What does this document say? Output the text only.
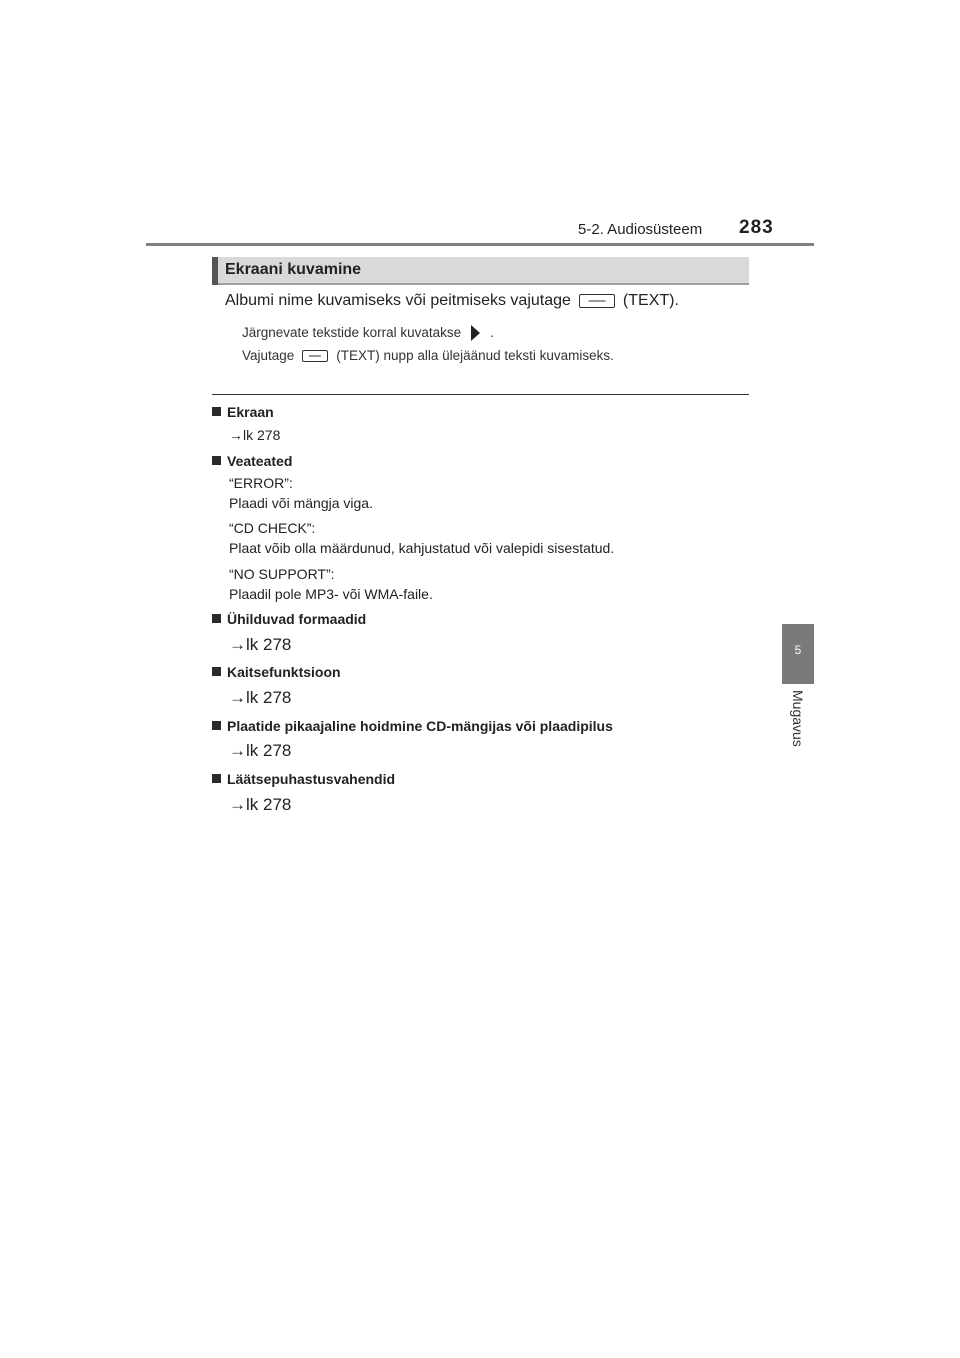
5-2. Audiosüsteem 283
5
Mugavus
Ekraani kuvamine
Albumi nime kuvamiseks või peitmiseks vajutage	(TEXT).
Järgnevate tekstide korral kuvatakse .
Vajutage	(TEXT) nupp alla ülejäänud teksti kuvamiseks.
Ekraan
→lk 278
Veateated
“ERROR”:
Plaadi või mängja viga.
“CD CHECK”:
Plaat võib olla määrdunud, kahjustatud või valepidi sisestatud.
“NO SUPPORT”:
Plaadil pole MP3- või WMA-faile.
Ühilduvad formaadid
→lk 278
Kaitsefunktsioon
→lk 278
Plaatide pikaajaline hoidmine CD-mängijas või plaadipilus
→lk 278
Läätsepuhastusvahendid
→lk 278
